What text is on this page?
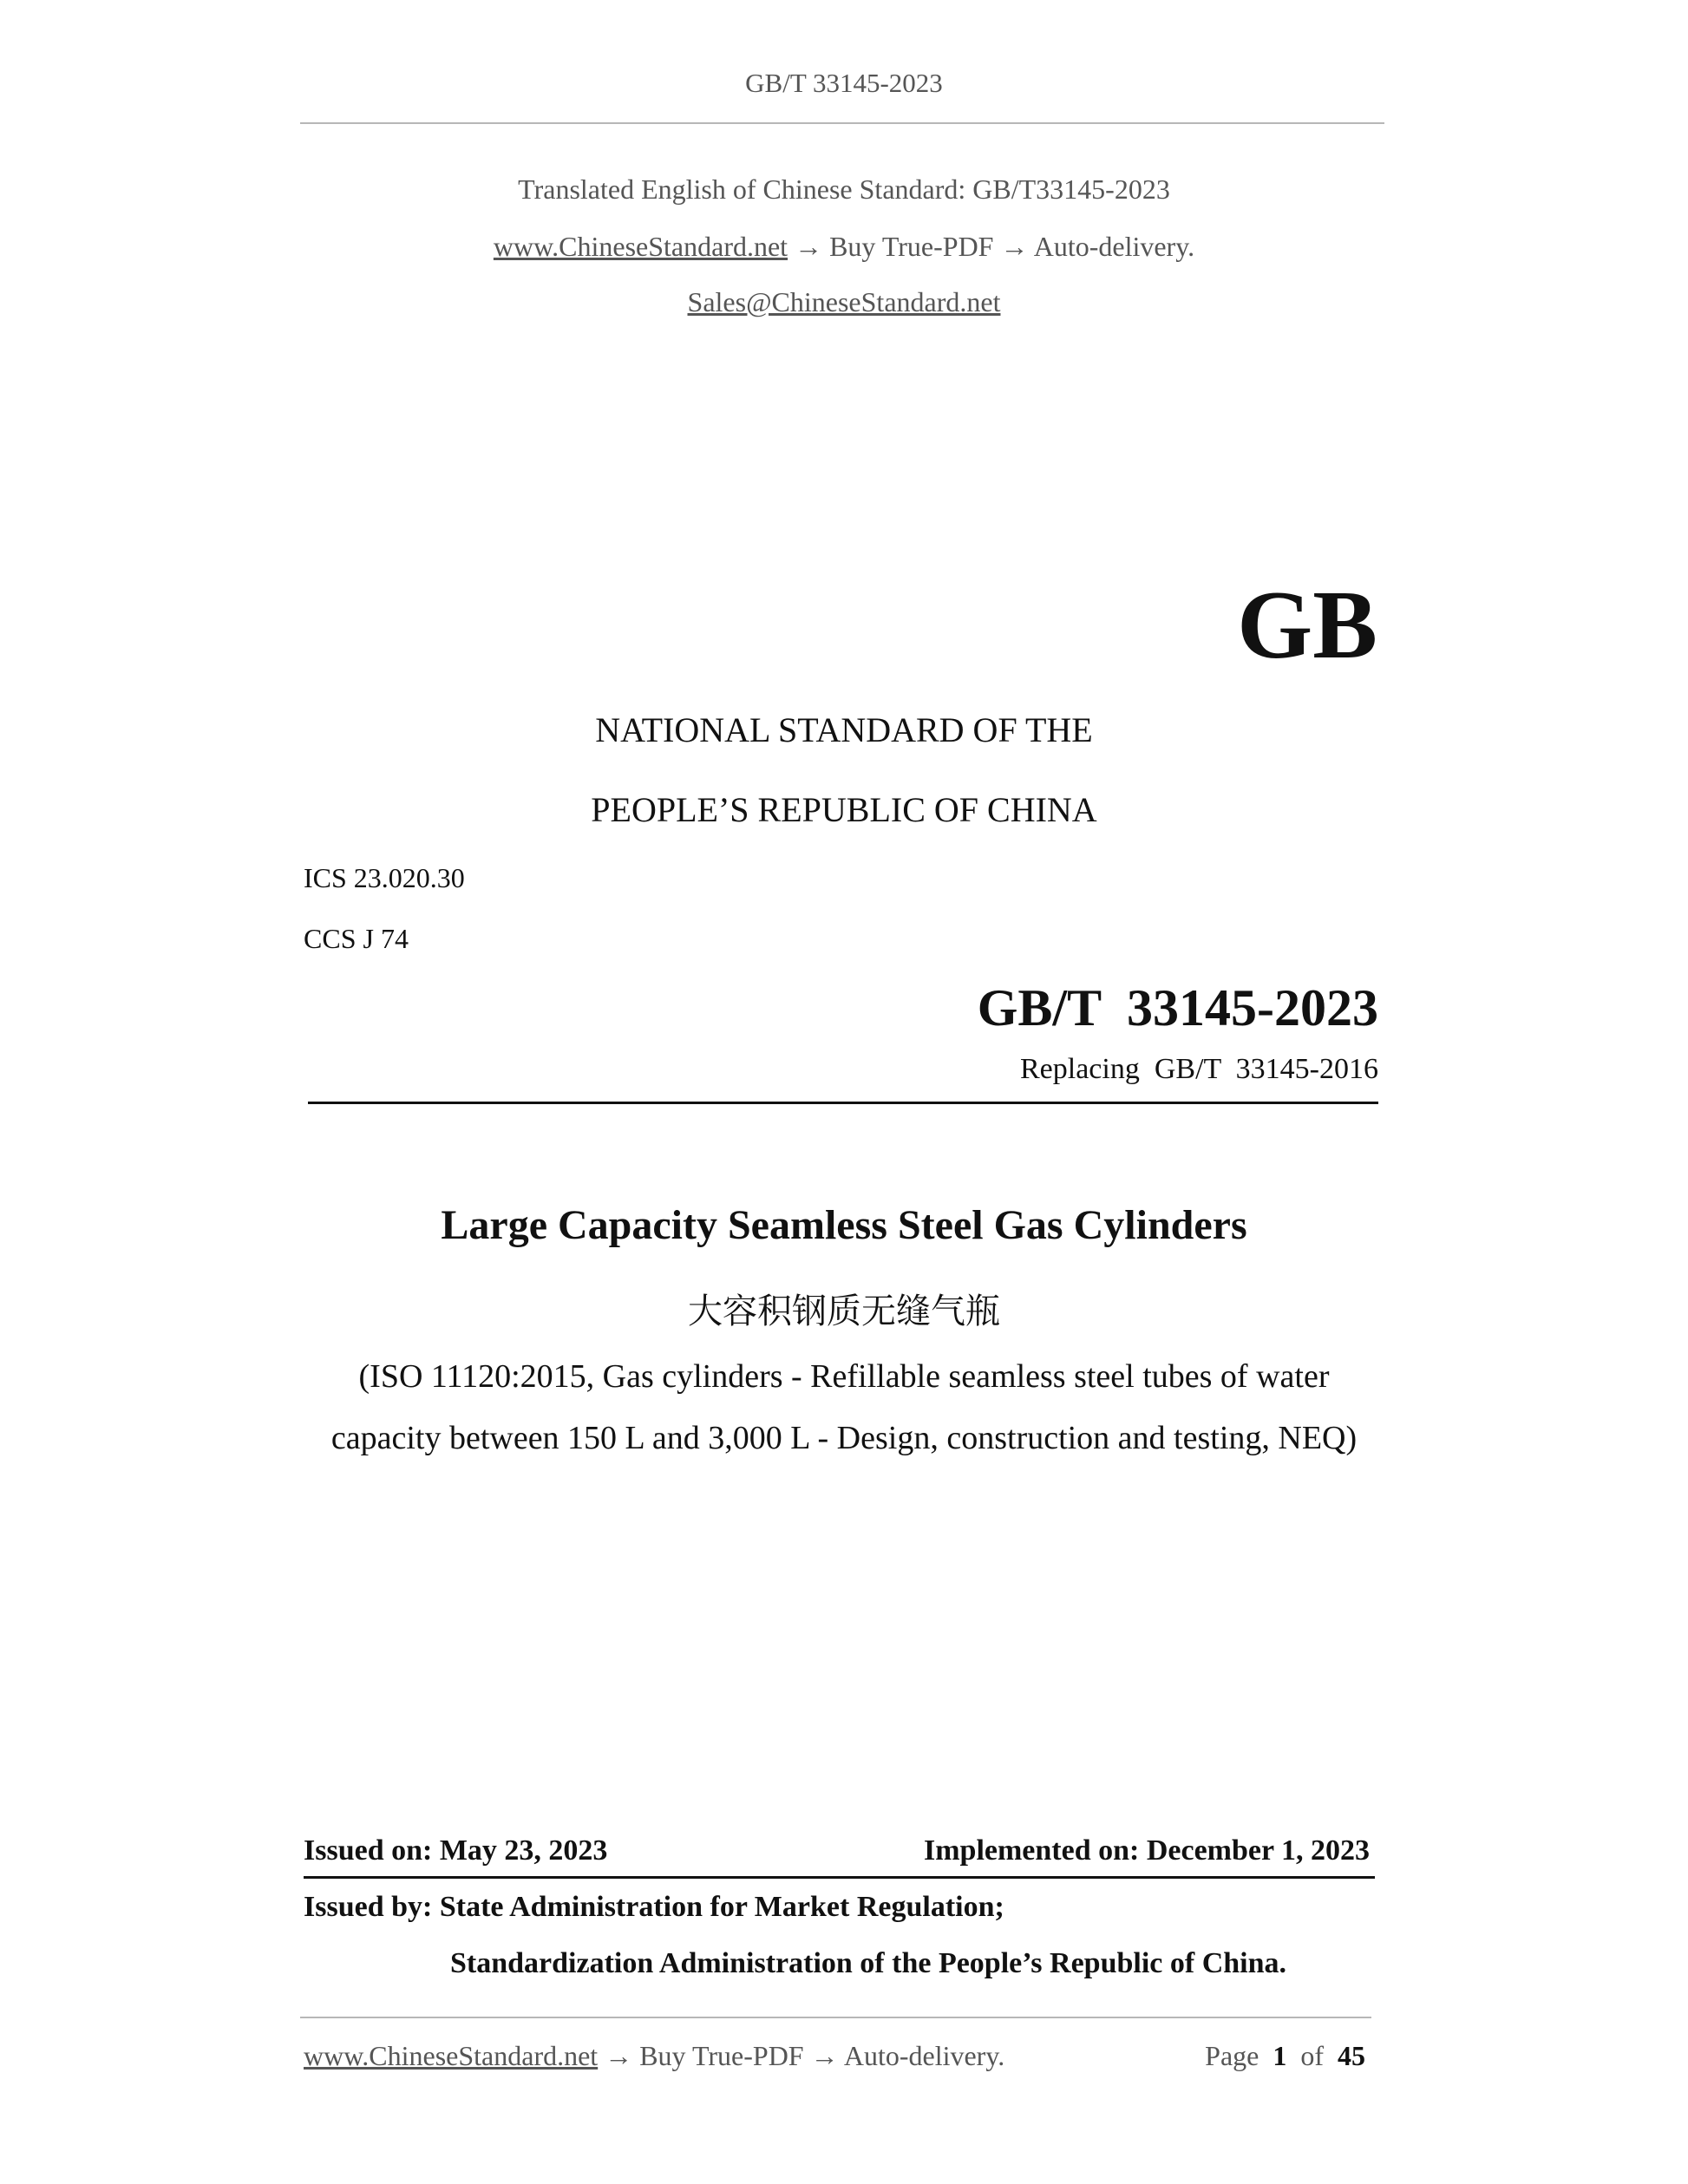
GB/T 33145-2023
Translated English of Chinese Standard: GB/T33145-2023
www.ChineseStandard.net → Buy True-PDF → Auto-delivery.
Sales@ChineseStandard.net
GB
NATIONAL STANDARD OF THE
PEOPLE’S REPUBLIC OF CHINA
ICS 23.020.30
CCS J 74
GB/T  33145-2023
Replacing  GB/T  33145-2016
Large Capacity Seamless Steel Gas Cylinders
大容积钢质无缝气瓶
(ISO 11120:2015, Gas cylinders - Refillable seamless steel tubes of water
capacity between 150 L and 3,000 L - Design, construction and testing, NEQ)
Issued on: May 23, 2023	Implemented on: December 1, 2023
Issued by: State Administration for Market Regulation;
Standardization Administration of the People’s Republic of China.
www.ChineseStandard.net → Buy True-PDF → Auto-delivery.	Page 1 of 45
